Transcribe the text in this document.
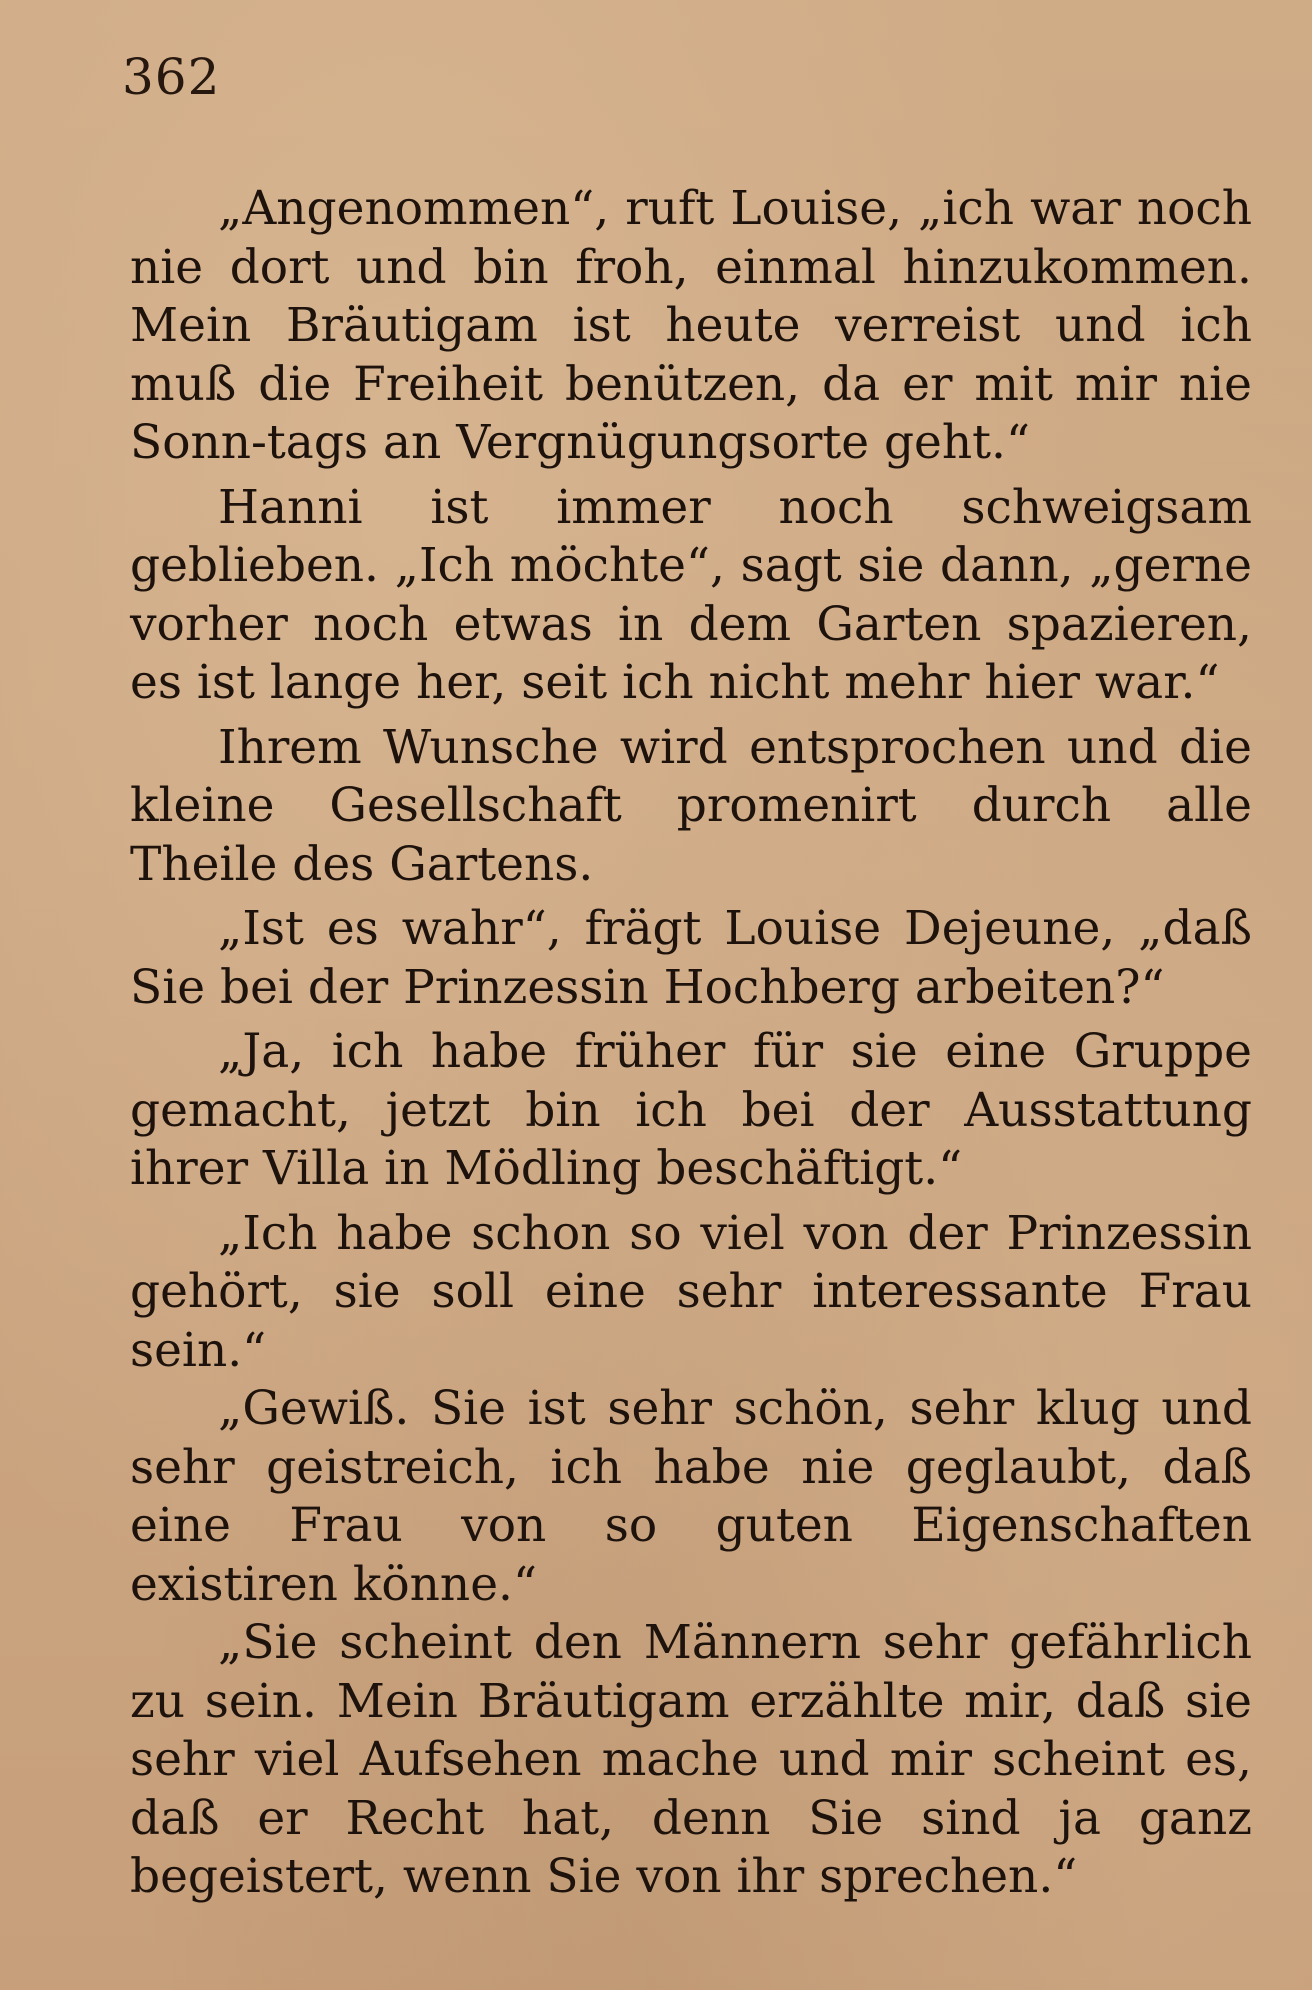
362

„Angenommen“, ruft Louise, „ich war noch nie dort und bin froh, einmal hinzukommen. Mein Bräutigam ist heute verreist und ich muß die Freiheit benützen, da er mit mir nie Sonn-tags an Vergnügungsorte geht.“

Hanni ist immer noch schweigsam geblieben. „Ich möchte“, sagt sie dann, „gerne vorher noch etwas in dem Garten spazieren, es ist lange her, seit ich nicht mehr hier war.“

Ihrem Wunsche wird entsprochen und die kleine Gesellschaft promenirt durch alle Theile des Gartens.

„Ist es wahr“, frägt Louise Dejeune, „daß Sie bei der Prinzessin Hochberg arbeiten?“

„Ja, ich habe früher für sie eine Gruppe gemacht, jetzt bin ich bei der Ausstattung ihrer Villa in Mödling beschäftigt.“

„Ich habe schon so viel von der Prinzessin gehört, sie soll eine sehr interessante Frau sein.“

„Gewiß. Sie ist sehr schön, sehr klug und sehr geistreich, ich habe nie geglaubt, daß eine Frau von so guten Eigenschaften existiren könne.“

„Sie scheint den Männern sehr gefährlich zu sein. Mein Bräutigam erzählte mir, daß sie sehr viel Aufsehen mache und mir scheint es, daß er Recht hat, denn Sie sind ja ganz begeistert, wenn Sie von ihr sprechen.“
